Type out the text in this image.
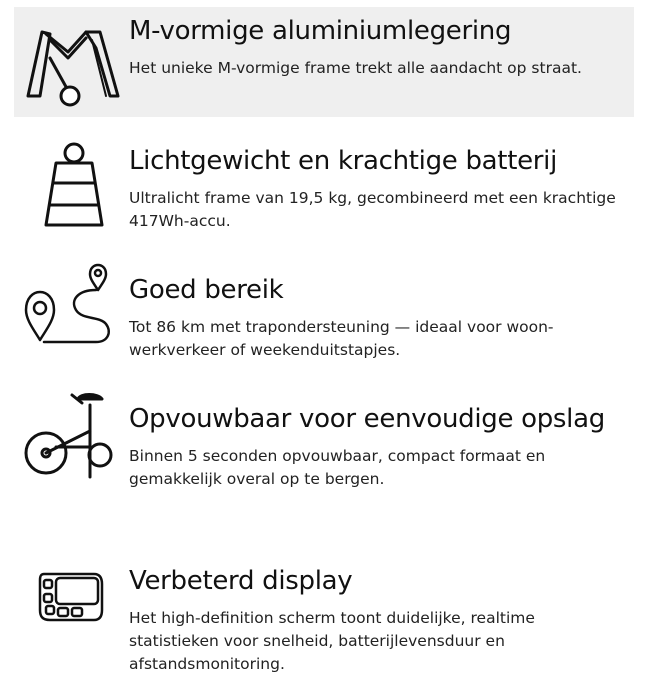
M-vormige aluminiumlegering

Het unieke M-vormige frame trekt alle aandacht op straat.

Lichtgewicht en krachtige batterij

Ultralicht frame van 19,5 kg, gecombineerd met een krachtige 417Wh-accu.

Goed bereik

Tot 86 km met trapondersteuning — ideaal voor woon-werkverkeer of weekenduitstapjes.

Opvouwbaar voor eenvoudige opslag

Binnen 5 seconden opvouwbaar, compact formaat en gemakkelijk overal op te bergen.

Verbeterd display

Het high-definition scherm toont duidelijke, realtime statistieken voor snelheid, batterijlevensduur en afstandsmonitoring.
